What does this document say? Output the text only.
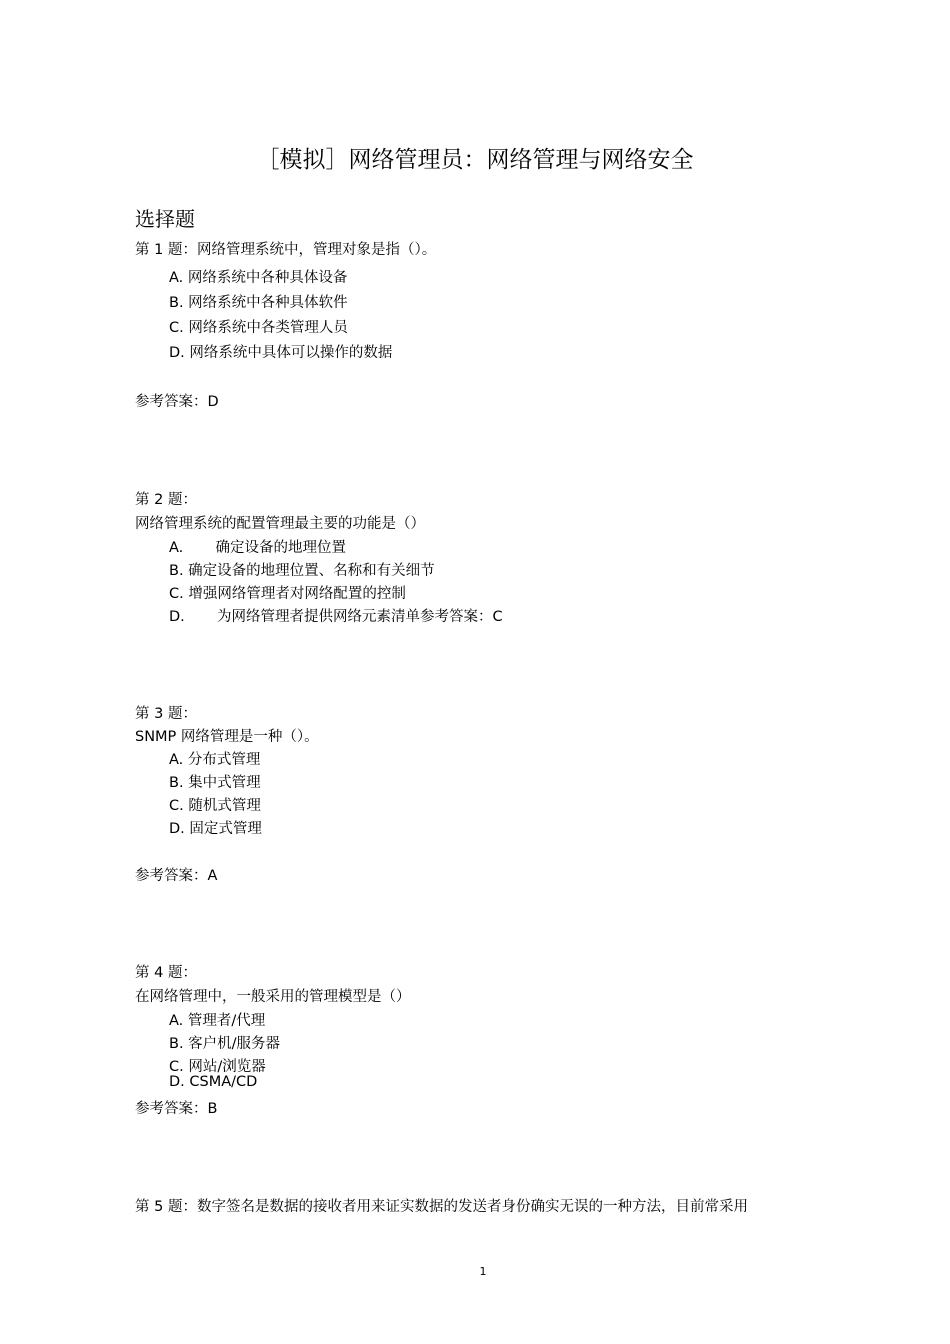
［模拟］网络管理员：网络管理与网络安全
选择题
第 1 题：网络管理系统中，管理对象是指（）。
A. 网络系统中各种具体设备
B. 网络系统中各种具体软件
C. 网络系统中各类管理人员
D. 网络系统中具体可以操作的数据
参考答案：D
第 2 题：
网络管理系统的配置管理最主要的功能是（）
A.       确定设备的地理位置
B. 确定设备的地理位置、名称和有关细节
C. 增强网络管理者对网络配置的控制
D.       为网络管理者提供网络元素清单参考答案：C
第 3 题：
SNMP 网络管理是一种（）。
A. 分布式管理
B. 集中式管理
C. 随机式管理
D. 固定式管理
参考答案：A
第 4 题：
在网络管理中，一般采用的管理模型是（）
A. 管理者/代理
B. 客户机/服务器
C. 网站/浏览器
D. CSMA/CD
参考答案：B
第 5 题：数字签名是数据的接收者用来证实数据的发送者身份确实无误的一种方法，目前常采用
1
